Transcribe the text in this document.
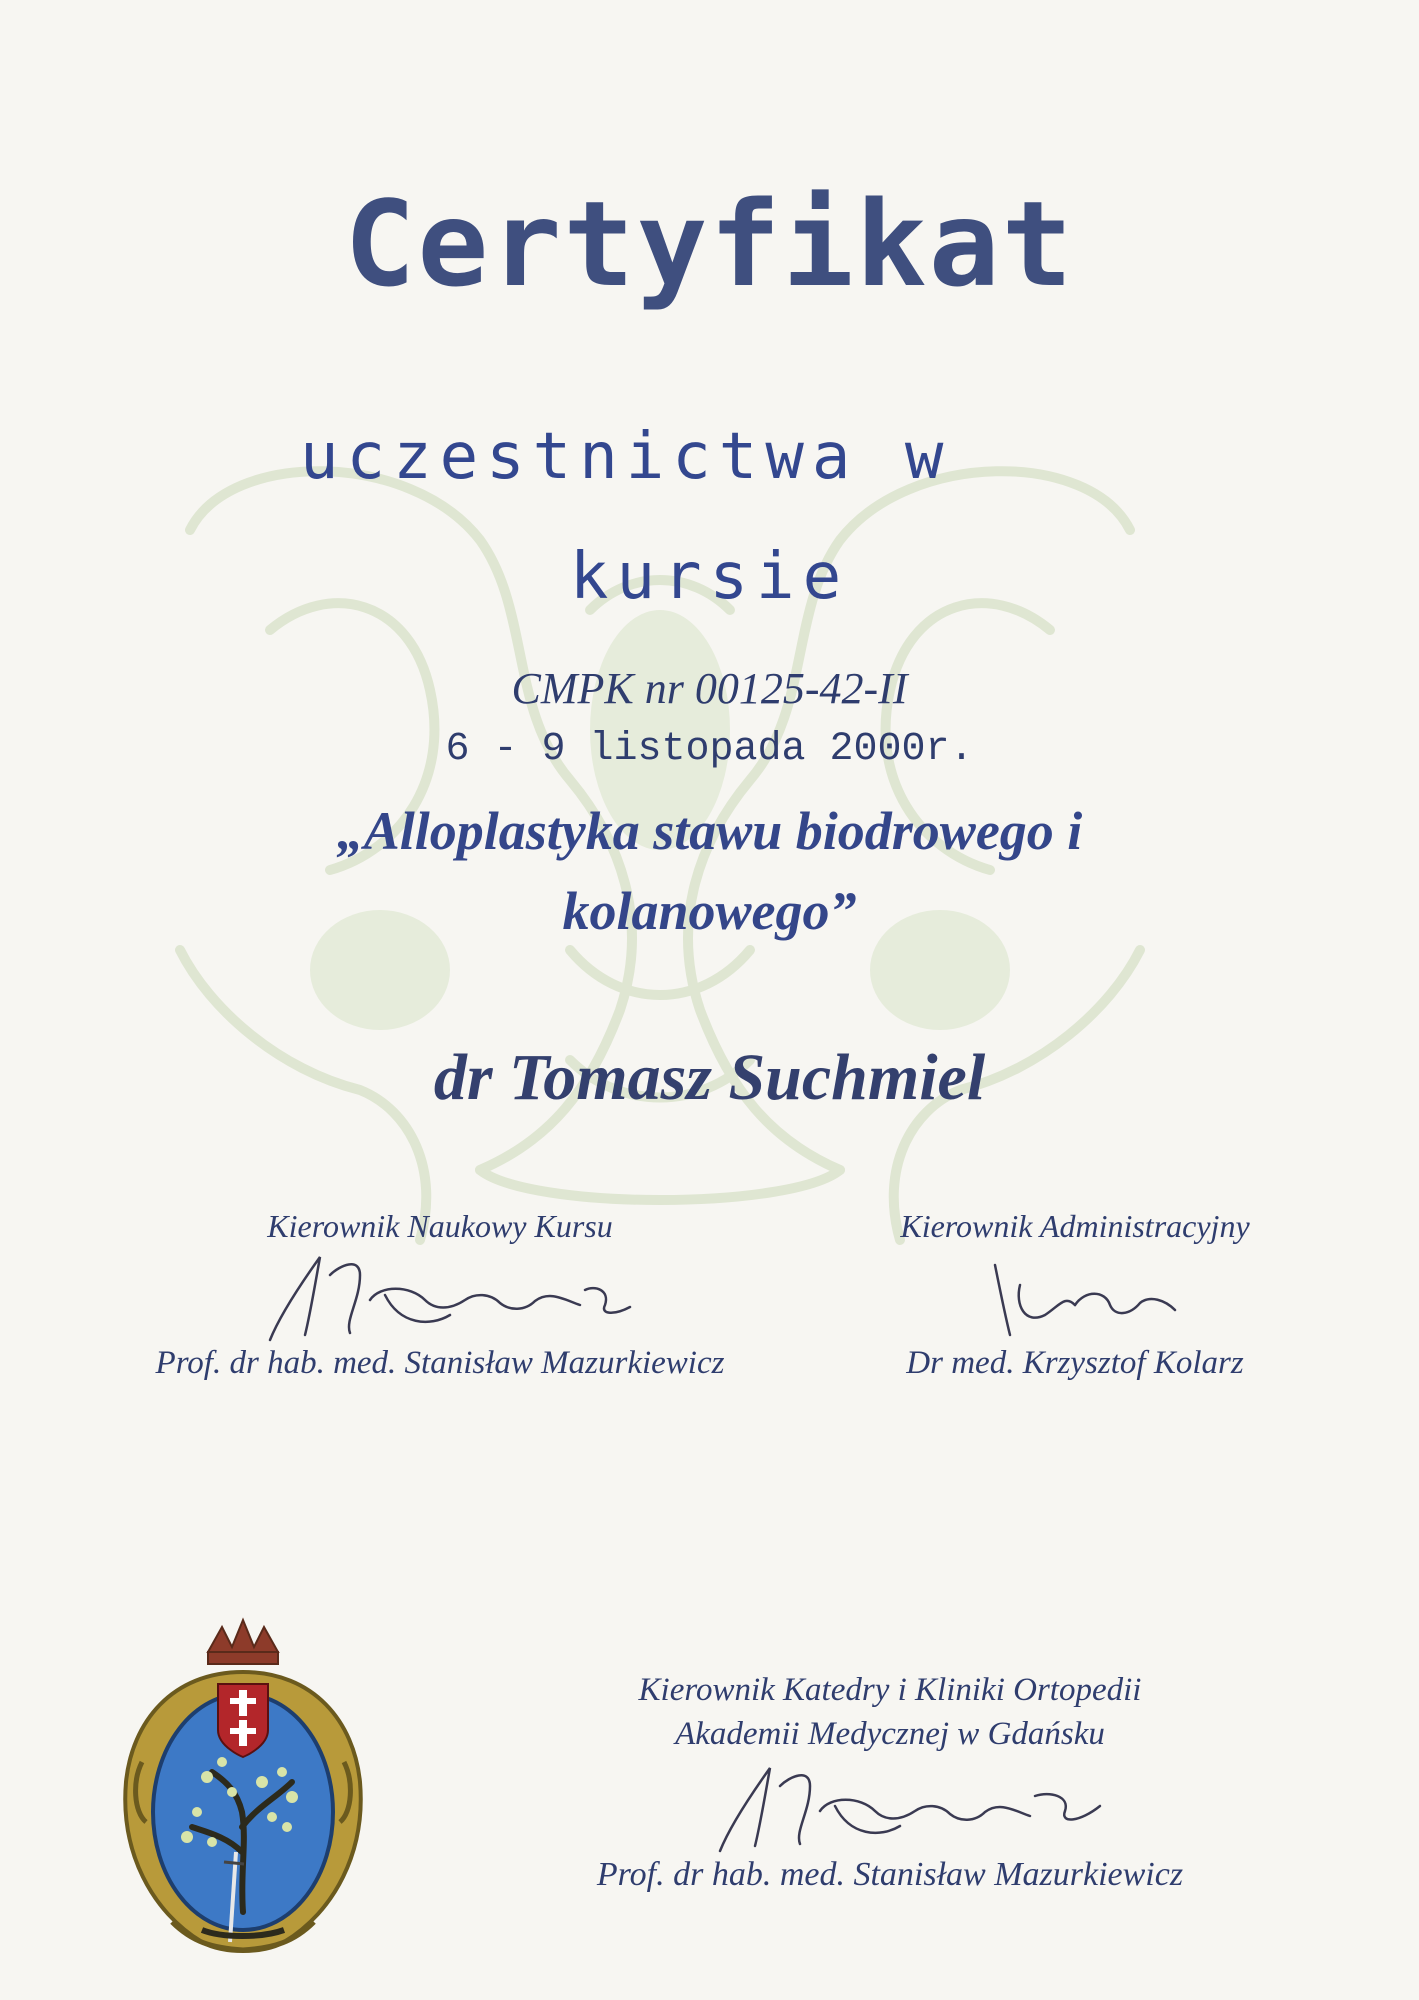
Certyfikat
uczestnictwa w
kursie
CMPK nr 00125-42-II
6 - 9 listopada 2000r.
„Alloplastyka stawu biodrowego i
kolanowego”
dr Tomasz Suchmiel
Kierownik Naukowy Kursu
Prof. dr hab. med. Stanisław Mazurkiewicz
Kierownik Administracyjny
Dr med. Krzysztof Kolarz
Kierownik Katedry i Kliniki Ortopedii
Akademii Medycznej w Gdańsku
Prof. dr hab. med. Stanisław Mazurkiewicz
